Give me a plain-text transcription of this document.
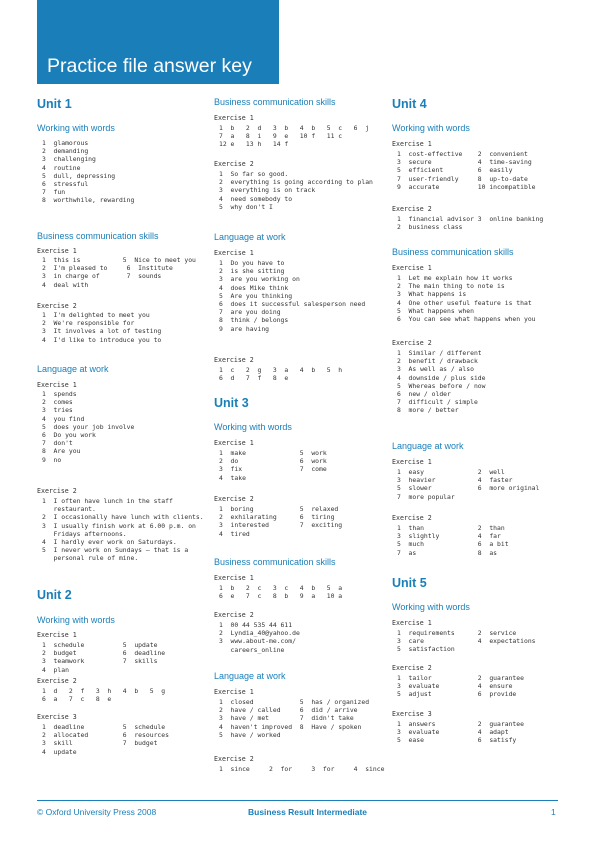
Practice file answer key
Unit 1
Working with words
1  glamorous
2  demanding
3  challenging
4  routine
5  dull, depressing
6  stressful
7  fun
8  worthwhile, rewarding
Business communication skills
Exercise 1
1  this is           5  Nice to meet you
2  I'm pleased to     6  Institute
3  in charge of       7  sounds
4  deal with
Exercise 2
1  I'm delighted to meet you
2  We're responsible for
3  It involves a lot of testing
4  I'd like to introduce you to
Language at work
Exercise 1
1  spends
2  comes
3  tries
4  you find
5  does your job involve
6  Do you work
7  don't
8  Are you
9  no
Exercise 2
1  I often have lunch in the staff
restaurant.
2  I occasionally have lunch with clients.
3  I usually finish work at 6.00 p.m. on
Fridays afternoons.
4  I hardly ever work on Saturdays.
5  I never work on Sundays – that is a
personal rule of mine.
Unit 2
Working with words
Exercise 1
1  schedule          5  update
2  budget            6  deadline
3  teamwork          7  skills
4  plan
Exercise 2
1  d   2  f   3  h   4  b   5  g
6  a   7  c   8  e
Exercise 3
1  deadline          5  schedule
2  allocated         6  resources
3  skill             7  budget
4  update
Business communication skills
Exercise 1
1  b   2  d   3  b   4  b   5  c   6  j
7  a   8  i   9  e   10 f   11 c
12 e   13 h   14 f
Exercise 2
1  So far so good.
2  everything is going according to plan
3  everything is on track
4  need somebody to
5  why don't I
Language at work
Exercise 1
1  Do you have to
2  is she sitting
3  are you working on
4  does Mike think
5  Are you thinking
6  does it successful salesperson need
7  are you doing
8  think / belongs
9  are having
Exercise 2
1  c   2  g   3  a   4  b   5  h
6  d   7  f   8  e
Unit 3
Working with words
Exercise 1
1  make              5  work
2  do                6  work
3  fix               7  come
4  take
Exercise 2
1  boring            5  relaxed
2  exhilarating      6  tiring
3  interested        7  exciting
4  tired
Business communication skills
Exercise 1
1  b   2  c   3  c   4  b   5  a
6  e   7  c   8  b   9  a   10 a
Exercise 2
1  00 44 535 44 611
2  Lyndia_40@yahoo.de
3  www.about-me.com/
careers_online
Language at work
Exercise 1
1  closed            5  has / organized
2  have / called     6  did / arrive
3  have / met        7  didn't take
4  haven't improved  8  Have / spoken
5  have / worked
Exercise 2
1  since     2  for     3  for     4  since
Unit 4
Working with words
Exercise 1
1  cost-effective    2  convenient
3  secure            4  time-saving
5  efficient         6  easily
7  user-friendly     8  up-to-date
9  accurate          10 incompatible
Exercise 2
1  financial advisor 3  online banking
2  business class
Business communication skills
Exercise 1
1  Let me explain how it works
2  The main thing to note is
3  What happens is
4  One other useful feature is that
5  What happens when
6  You can see what happens when you
Exercise 2
1  Similar / different
2  benefit / drawback
3  As well as / also
4  downside / plus side
5  Whereas before / now
6  new / older
7  difficult / simple
8  more / better
Language at work
Exercise 1
1  easy              2  well
3  heavier           4  faster
5  slower            6  more original
7  more popular
Exercise 2
1  than              2  than
3  slightly          4  far
5  much              6  a bit
7  as                8  as
Unit 5
Working with words
Exercise 1
1  requirements      2  service
3  care              4  expectations
5  satisfaction
Exercise 2
1  tailor            2  guarantee
3  evaluate          4  ensure
5  adjust            6  provide
Exercise 3
1  answers           2  guarantee
3  evaluate          4  adapt
5  ease              6  satisfy
© Oxford University Press 2008	Business Result Intermediate	1
